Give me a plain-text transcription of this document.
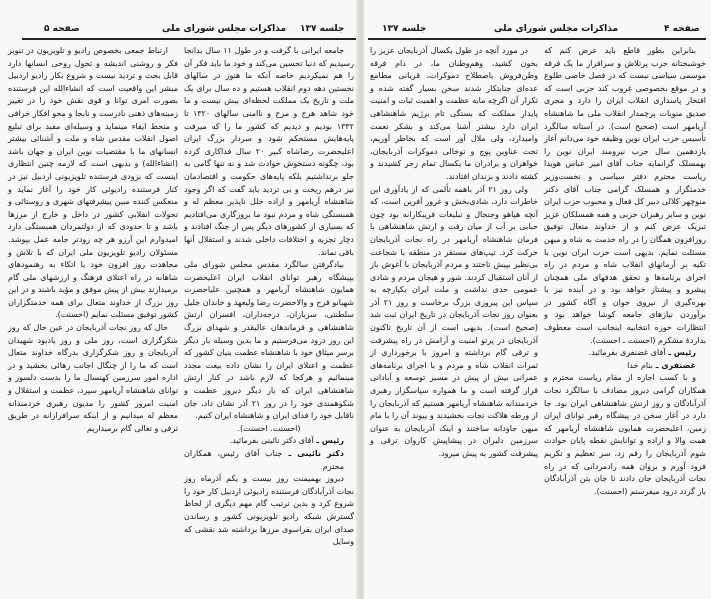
صفحه ۵	مذاکرات مجلس شورای ملی جلسه ۱۳۷

ارتباط جمعی بخصوص رادیو و تلویزیون در تنویر فکر و روشنی اندیشه و تحول روحی انسانها دارد قابل بحث و تردید نیست و شروع بکار رادیو اردبیل مبشر این واقعیت است که انشاءالله این فرستنده بصورت امری توانا و قوی نقش خود را در تغییر زمینه‌های ذهنی نادرست و نابجا و محو افکار خرافی و منحط ایفاء مینماید و وسیله‌ای مفید برای تبلیغ اصول انقلاب مقدس شاه و ملت و آشنائی بیشتر انسانهای ما با مقتضیات نوین ایران و جهان باشد (انشاءالله) و بدیهی است که لازمه چنین انتظاری اینست که بزودی فرستنده تلویزیونی اردبیل نیز در کنار فرستنده رادیوئی کار خود را آغاز نماید و منعکس کننده مبین پیشرفتهای شهری و روستائی و تحولات انقلابی کشور در داخل و خارج از مرزها باشد و تا حدودی که از دولتمردان همبستگی دارد امیدوارم این آرزو هر چه زودتر جامه عمل بپوشد. مسئولان رادیو تلویزیون ملی ایران که با تلاش و مجاهدت روز افزون خود با اتکاء به رهنمودهای شاهانه در راه اعتلای فرهنگ و ارزشهای ملی گام برمیدارند بیش از پیش موفق و مؤید باشند و در این روز بزرگ از خداوند متعال برای همه خدمتگزاران کشور توفیق مسئلت نمایم (احسنت).

حال که روز نجات آذربایجان در عین حال که روز شکرگزاری است، روز ملی و روز یادبود شهیدان آذربایجان و روز شکرگزاری بدرگاه خداوند متعال است که ما را از چنگال اجانب رهائی بخشید و در اداره امور سرزمین کهنسال ما را بدست دلسوز و توانای شاهنشاه آریامهر سپرد، عظمت و استقلال و امنیت امروز کشور را مدیون رهبری خردمندانه معظم له میدانیم و از اینکه سرافرازانه در طریق ترقی و تعالی گام برمیداریم

جامعه ایرانی با گرفت و در طول ۱۱ سال بدانجا رسیدیم که دنیا تحسین می‌کند و خود ما باید فکر آن را هم نمیکردیم خاصه آنکه ما هنوز در سالهای نخستین دهه دوم انقلاب هستیم و ده سال برای یک ملت و تاریخ یک مملکت لحظه‌ای بیش نیست و ما خود شاهد هرج و مرج و ناامنی سالهای ۱۳۲۰ تا ۱۳۳۲ بودیم و دیدیم که کشور ما را که میرفت پایه‌هایش مستحکم شود و سردار بزرگ ایران اعلیحضرت رضاشاه کبیر ۲۰ سال فداکاری کرده بود، چگونه دستخوش حوادث شد و نه تنها گامی به جلو برنداشتیم بلکه پایه‌های حکومت و اقتصادمان نیز درهم ریخت و بی تردید باید گفت که اگر وجود شاهنشاه آریامهر و اراده خلل ناپذیر معظم له و همبستگی شاه و مردم نبود ما بروزگاری می‌افتادیم که بسیاری از کشورهای دیگر پس از جنگ افتادند و دچار تجزیه و اختلافات داخلی شدند و استقلال آنها باقی نماند.

بیادگرفتن سالگرد مقدس مجلس شورای ملی بپیشگاه رهبر توانای انقلاب ایران اعلیحضرت همایون شاهنشاه آریامهر و همچنین علیاحضرت شهبانو فرح و والاحضرت رضا ولیعهد و خاندان جلیل سلطنتی، سربازان، درجه‌داران، افسران ارتش شاهنشاهی و فرماندهان عالیقدر و شهدای بزرگ این روز درود می‌فرستیم و ما بدین وسیله بار دیگر برسر میثاق خود با شاهنشاه عظمت بنیان کشور که عظمت و اعتلای ایران را نشان داده بیعت مجدد مینمائیم و هرکجا که لازم باشد در کنار ارتش شاهنشاهی ایران که بار دیگر دیروز عظمت و شکوهمندی خود را در روز ۲۱ آذر نشان داد، جان ناقابل خود را فدای ایران و شاهنشاه ایران کنیم.

(احسنت. احسنت).

رئیس ـ آقای دکتر نائینی بفرمائید.

دکتر نائینی ـ جناب آقای رئیس، همکاران محترم

دیروز بهمیمنت روز بیست و یکم آذرماه روز نجات آذرآبادگان فرستنده رادیوئی اردبیل کار خود را شروع کرد و بدین ترتیب گام مهم دیگری از لحاظ گسترش شبکه رادیو تلویزیونی کشور و رساندن صدای ایران بفراسوی مرزها برداشته شد نقشی که وسایل

جلسه ۱۳۷	مذاکرات مجلس شورای ملی	صفحه ۴

در مورد آنچه در طول یکسال آذربایجان عزیز را بخون کشید، وهم‌وطنان ما، در دام فرقه وطن‌فروش باصطلاح دموکرات، قربانی مطامع عده‌ای جنایتکار شدند سخن بسیار گفته شده و تکرار آن اگرچه مایه عظمت و اهمیت ثبات و امنیت پایدار مملکت که بستگی تام برژیم شاهنشاهی ایران دارد بیشتر آشنا می‌کند و بشکر نعمت وامیدارد، ولی ملال آور است که بخاطر آوریم، تحت عناوین پوچ و توخالی دموکرات آذربایجان، خواهران و برادران ما یکسال تمام زجر کشیدند و کشته دادند و بزندان افتادند.

ولی روز ۲۱ آذر باهمه تألمی که از یادآوری این خاطرات دارد، شادی‌بخش و غرور آفرین است، که آنچه هیاهو وجنجال و تبلیغات فریبکارانه بود چون حبابی بر آب از میان رفت و ارتش شاهنشاهی با فرمان شاهنشاه آریامهر در راه نجات آذربایجان حرکت کرد. تیپ‌های مستقر در منطقه با شجاعت بی‌نظیر بپیش تاختند و مردم آذربایجان با آغوش باز از آنان استقبال کردند. شور و هیجان مردم و شادی عمومی حدی نداشت و ملت ایران یکپارچه به سپاس این پیروزی بزرگ برخاست و روز ۲۱ آذر بعنوان روز نجات آذربایجان در تاریخ ایران ثبت شد (صحیح است). بدیهی است از آن تاریخ تاکنون آذربایجان در پرتو امنیت و آرامش در راه پیشرفت و ترقی گام برداشته و امروز با برخورداری از ثمرات انقلاب شاه و مردم و با اجرای برنامه‌های عمرانی بیش از پیش در مسیر توسعه و آبادانی قرار گرفته است و ما همواره سپاسگزار رهبری خردمندانه شاهنشاه آریامهر هستیم که آذربایجان را از ورطه هلاکت نجات بخشیدند و پیوند آن را با مام میهن جاودانه ساختند و اینک آذربایجان به عنوان سرزمین دلیران در پیشاپیش کاروان ترقی و پیشرفت کشور به پیش میرود.

بنابراین بطور قاطع باید عرض کنم که خوشبختانه حزب پرتلاش و سرافراز ما یک فرقه موسمی سیاسی نیست که در فصل خاصی طلوع و در موقع بخصوصی غروب کند حزبی است که افتخار پاسداری انقلاب ایران را دارد و مجری صدیق منویات پرچمدار انقلاب ملی ما شاهنشاه آریامهر است (صحیح است). در آستانه سالگرد تأسیس حزب ایران نوین وظیفه خود می‌دانم آغاز یازدهمین سال حزب نیرومند ایران نوین را بهمسلک گرانمایه جناب آقای امیر عباس هویدا ریاست محترم دفتر سیاسی و نخست‌وزیر خدمتگزار و همسلک گرامی جناب آقای دکتر منوچهر کلالی دبیر کل فعال و محبوب حزب ایران نوین و سایر رهبران حزبی و همه همسلکان عزیز تبریک عرض کنم و از خداوند متعال توفیق روزافزون همگان را در راه خدمت به شاه و میهن مسئلت نمایم. بدیهی است حزب ایران نوین با تکیه بر آرمانهای انقلاب شاه و مردم در راه اجرای برنامه‌ها و تحقق هدفهای ملی همچنان پیشرو و پیشتاز خواهد بود و در آینده نیز با بهره‌گیری از نیروی جوان و آگاه کشور در برآوردن نیازهای جامعه کوشا خواهد بود و انتظارات حوزه انتخابیه اینجانب است معطوف بداردهٔ مشکرم (احسنت ـ احسنت).

رئیس ـ آقای غضنفری بفرمائید.

غضنفری ـ بنام خدا

و با کسب اجازه از مقام ریاست محترم و همکاران گرامی دیروز مصادف با سالگرد نجات آذرآبادگان و روز ارتش شاهنشاهی ایران بود. جا دارد در آغاز سخن در پیشگاه رهبر توانای ایران زمین، اعلیحضرت همایون شاهنشاه آریامهر که همت والا و اراده و توانایش نقطه پایان حوادث شوم آذربایجان را رقم زد، سر تعظیم و تکریم فرود آورم و بروان همه رادمردانی که در راه نجات آذربایجان جان دادند تا جان بتن آذرآبادگان باز گردد درود میفرستم (احسنت).
